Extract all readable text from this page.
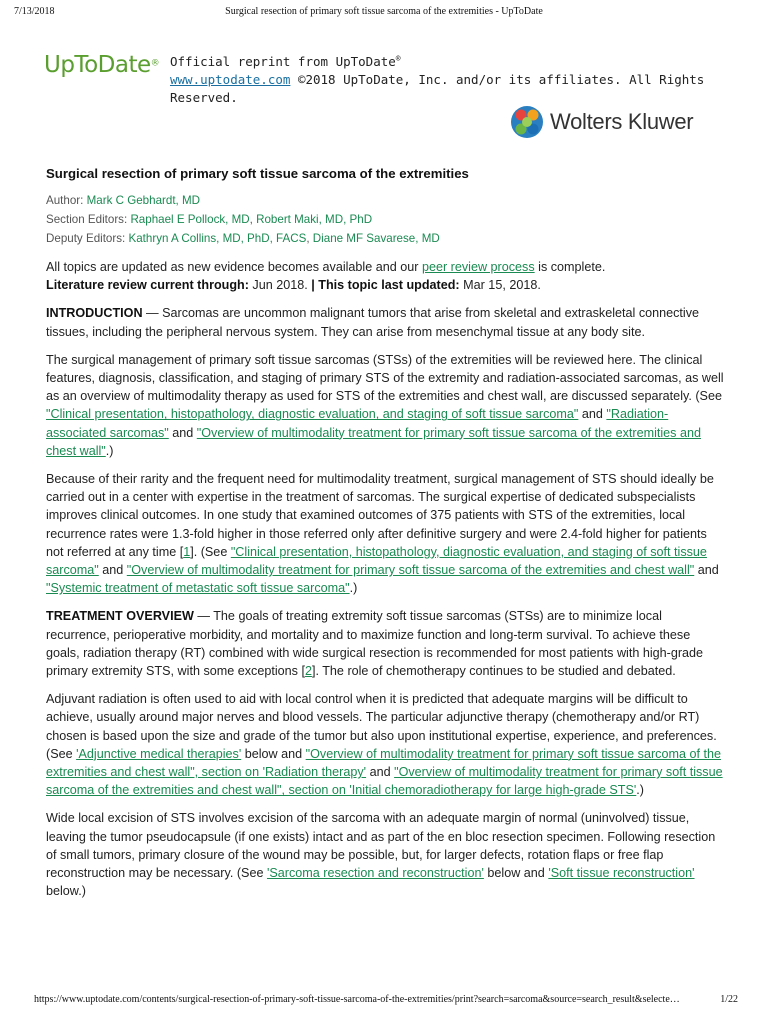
7/13/2018	Surgical resection of primary soft tissue sarcoma of the extremities - UpToDate
UpToDate® Official reprint from UpToDate®
www.uptodate.com ©2018 UpToDate, Inc. and/or its affiliates. All Rights Reserved.
Wolters Kluwer
Surgical resection of primary soft tissue sarcoma of the extremities
Author: Mark C Gebhardt, MD
Section Editors: Raphael E Pollock, MD, Robert Maki, MD, PhD
Deputy Editors: Kathryn A Collins, MD, PhD, FACS, Diane MF Savarese, MD

All topics are updated as new evidence becomes available and our peer review process is complete.
Literature review current through: Jun 2018. | This topic last updated: Mar 15, 2018.

INTRODUCTION — Sarcomas are uncommon malignant tumors that arise from skeletal and extraskeletal connective tissues, including the peripheral nervous system. They can arise from mesenchymal tissue at any body site.

The surgical management of primary soft tissue sarcomas (STSs) of the extremities will be reviewed here. The clinical features, diagnosis, classification, and staging of primary STS of the extremity and radiation-associated sarcomas, as well as an overview of multimodality therapy as used for STS of the extremities and chest wall, are discussed separately. (See "Clinical presentation, histopathology, diagnostic evaluation, and staging of soft tissue sarcoma" and "Radiation-associated sarcomas" and "Overview of multimodality treatment for primary soft tissue sarcoma of the extremities and chest wall".)

Because of their rarity and the frequent need for multimodality treatment, surgical management of STS should ideally be carried out in a center with expertise in the treatment of sarcomas. The surgical expertise of dedicated subspecialists improves clinical outcomes. In one study that examined outcomes of 375 patients with STS of the extremities, local recurrence rates were 1.3-fold higher in those referred only after definitive surgery and were 2.4-fold higher for patients not referred at any time [1]. (See "Clinical presentation, histopathology, diagnostic evaluation, and staging of soft tissue sarcoma" and "Overview of multimodality treatment for primary soft tissue sarcoma of the extremities and chest wall" and "Systemic treatment of metastatic soft tissue sarcoma".)

TREATMENT OVERVIEW — The goals of treating extremity soft tissue sarcomas (STSs) are to minimize local recurrence, perioperative morbidity, and mortality and to maximize function and long-term survival. To achieve these goals, radiation therapy (RT) combined with wide surgical resection is recommended for most patients with high-grade primary extremity STS, with some exceptions [2]. The role of chemotherapy continues to be studied and debated.

Adjuvant radiation is often used to aid with local control when it is predicted that adequate margins will be difficult to achieve, usually around major nerves and blood vessels. The particular adjunctive therapy (chemotherapy and/or RT) chosen is based upon the size and grade of the tumor but also upon institutional expertise, experience, and preferences. (See 'Adjunctive medical therapies' below and "Overview of multimodality treatment for primary soft tissue sarcoma of the extremities and chest wall", section on 'Radiation therapy' and "Overview of multimodality treatment for primary soft tissue sarcoma of the extremities and chest wall", section on 'Initial chemoradiotherapy for large high-grade STS'.)

Wide local excision of STS involves excision of the sarcoma with an adequate margin of normal (uninvolved) tissue, leaving the tumor pseudocapsule (if one exists) intact and as part of the en bloc resection specimen. Following resection of small tumors, primary closure of the wound may be possible, but, for larger defects, rotation flaps or free flap reconstruction may be necessary. (See 'Sarcoma resection and reconstruction' below and 'Soft tissue reconstruction' below.)

https://www.uptodate.com/contents/surgical-resection-of-primary-soft-tissue-sarcoma-of-the-extremities/print?search=sarcoma&source=search_result&selecte…	1/22
